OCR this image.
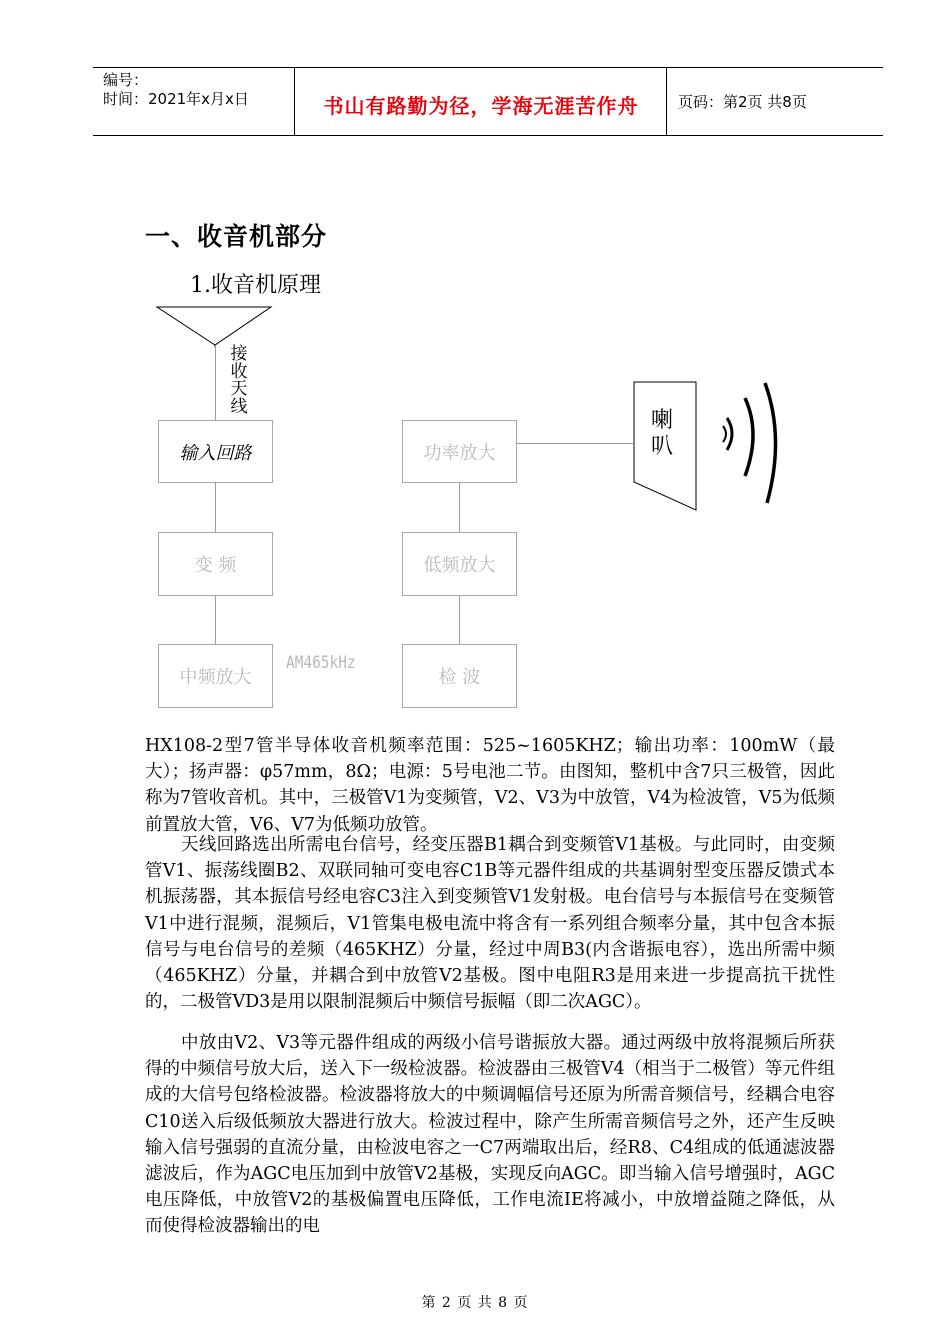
编号：
时间：2021年x月x日	书山有路勤为径，学海无涯苦作舟	页码：第2页 共8页
一、收音机部分
1.收音机原理
接收天线
输入回路
变 频
中频放大
AM465kHz
功率放大
低频放大
检 波
喇叭
HX108-2型7管半导体收音机频率范围：525~1605KHZ；输出功率：100mW（最大）；扬声器：φ57mm，8Ω；电源：5号电池二节。由图知，整机中含7只三极管，因此称为7管收音机。其中，三极管V1为变频管，V2、V3为中放管，V4为检波管，V5为低频前置放大管，V6、V7为低频功放管。
天线回路选出所需电台信号，经变压器B1耦合到变频管V1基极。与此同时，由变频管V1、振荡线圈B2、双联同轴可变电容C1B等元器件组成的共基调射型变压器反馈式本机振荡器，其本振信号经电容C3注入到变频管V1发射极。电台信号与本振信号在变频管V1中进行混频，混频后，V1管集电极电流中将含有一系列组合频率分量，其中包含本振信号与电台信号的差频（465KHZ）分量，经过中周B3(内含谐振电容），选出所需中频（465KHZ）分量，并耦合到中放管V2基极。图中电阻R3是用来进一步提高抗干扰性的，二极管VD3是用以限制混频后中频信号振幅（即二次AGC）。
中放由V2、V3等元器件组成的两级小信号谐振放大器。通过两级中放将混频后所获得的中频信号放大后，送入下一级检波器。检波器由三极管V4（相当于二极管）等元件组成的大信号包络检波器。检波器将放大的中频调幅信号还原为所需音频信号，经耦合电容C10送入后级低频放大器进行放大。检波过程中，除产生所需音频信号之外，还产生反映输入信号强弱的直流分量，由检波电容之一C7两端取出后，经R8、C4组成的低通滤波器滤波后，作为AGC电压加到中放管V2基极，实现反向AGC。即当输入信号增强时，AGC电压降低，中放管V2的基极偏置电压降低，工作电流IE将减小，中放增益随之降低，从而使得检波器输出的电
第 2 页 共 8 页
